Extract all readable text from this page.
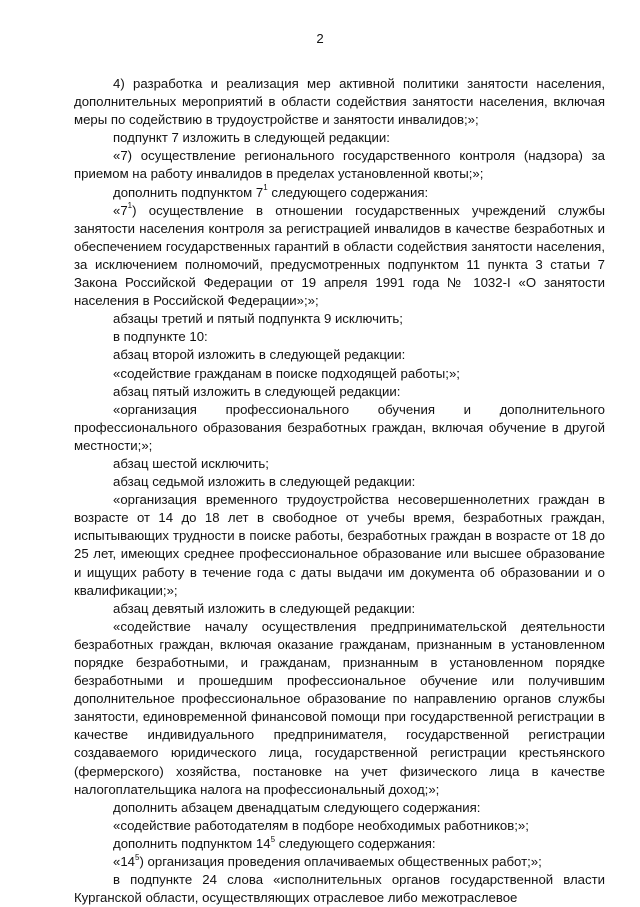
2

4) разработка и реализация мер активной политики занятости населения, дополнительных мероприятий в области содействия занятости населения, включая меры по содействию в трудоустройстве и занятости инвалидов;»;

подпункт 7 изложить в следующей редакции:

«7) осуществление регионального государственного контроля (надзора) за приемом на работу инвалидов в пределах установленной квоты;»;

дополнить подпунктом $7^1$ следующего содержания:

«$7^1$) осуществление в отношении государственных учреждений службы занятости населения контроля за регистрацией инвалидов в качестве безработных и обеспечением государственных гарантий в области содействия занятости населения, за исключением полномочий, предусмотренных подпунктом 11 пункта 3 статьи 7 Закона Российской Федерации от 19 апреля 1991 года № 1032-I «О занятости населения в Российской Федерации»;»;

абзацы третий и пятый подпункта 9 исключить;

в подпункте 10:

абзац второй изложить в следующей редакции:

«содействие гражданам в поиске подходящей работы;»;

абзац пятый изложить в следующей редакции:

«организация профессионального обучения и дополнительного профессионального образования безработных граждан, включая обучение в другой местности;»;

абзац шестой исключить;

абзац седьмой изложить в следующей редакции:

«организация временного трудоустройства несовершеннолетних граждан в возрасте от 14 до 18 лет в свободное от учебы время, безработных граждан, испытывающих трудности в поиске работы, безработных граждан в возрасте от 18 до 25 лет, имеющих среднее профессиональное образование или высшее образование и ищущих работу в течение года с даты выдачи им документа об образовании и о квалификации;»;

абзац девятый изложить в следующей редакции:

«содействие началу осуществления предпринимательской деятельности безработных граждан, включая оказание гражданам, признанным в установленном порядке безработными, и гражданам, признанным в установленном порядке безработными и прошедшим профессиональное обучение или получившим дополнительное профессиональное образование по направлению органов службы занятости, единовременной финансовой помощи при государственной регистрации в качестве индивидуального предпринимателя, государственной регистрации создаваемого юридического лица, государственной регистрации крестьянского (фермерского) хозяйства, постановке на учет физического лица в качестве налогоплательщика налога на профессиональный доход;»;

дополнить абзацем двенадцатым следующего содержания:

«содействие работодателям в подборе необходимых работников;»;

дополнить подпунктом $14^5$ следующего содержания:

«$14^5$) организация проведения оплачиваемых общественных работ;»;

в подпункте 24 слова «исполнительных органов государственной власти Курганской области, осуществляющих отраслевое либо межотраслевое
